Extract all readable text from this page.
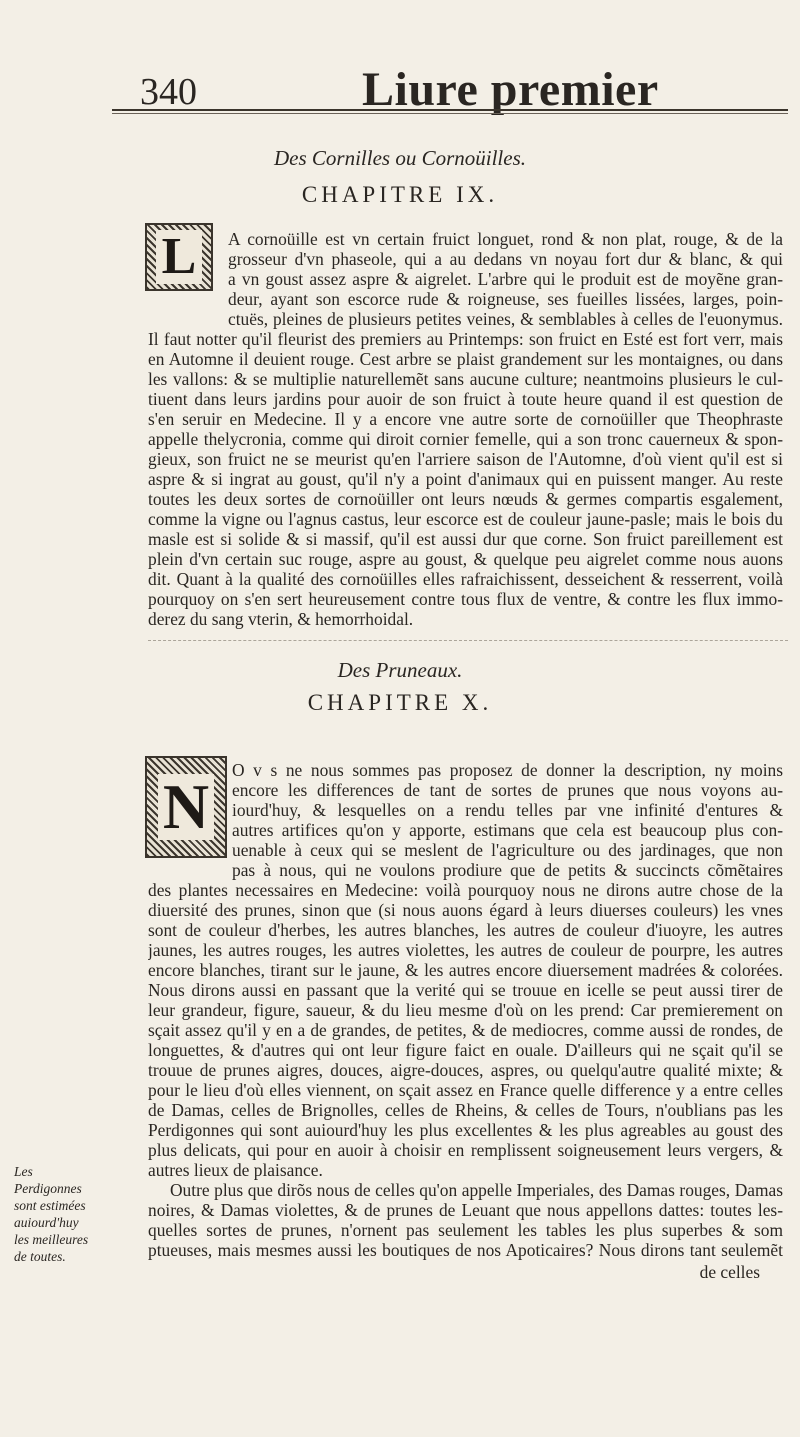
340	Liure premier
Des Cornilles ou Cornoüilles.
CHAPITRE IX.
L	A cornoüille est vn certain fruict longuet, rond & non plat, rouge, & de la
grosseur d'vn phaseole, qui a au dedans vn noyau fort dur & blanc, & qui
a vn goust assez aspre & aigrelet. L'arbre qui le produit est de moyẽne gran-
deur, ayant son escorce rude & roigneuse, ses fueilles lissées, larges, poin-
ctuës, pleines de plusieurs petites veines, & semblables à celles de l'euonymus.
Il faut notter qu'il fleurist des premiers au Printemps: son fruict en Esté est fort verr, mais
en Automne il deuient rouge. Cest arbre se plaist grandement sur les montaignes, ou dans
les vallons: & se multiplie naturellemẽt sans aucune culture; neantmoins plusieurs le cul-
tiuent dans leurs jardins pour auoir de son fruict à toute heure quand il est question de
s'en seruir en Medecine. Il y a encore vne autre sorte de cornoüiller que Theophraste
appelle thelycronia, comme qui diroit cornier femelle, qui a son tronc cauerneux & spon-
gieux, son fruict ne se meurist qu'en l'arriere saison de l'Automne, d'où vient qu'il est si
aspre & si ingrat au goust, qu'il n'y a point d'animaux qui en puissent manger. Au reste
toutes les deux sortes de cornoüiller ont leurs nœuds & germes compartis esgalement,
comme la vigne ou l'agnus castus, leur escorce est de couleur jaune-pasle; mais le bois du
masle est si solide & si massif, qu'il est aussi dur que corne. Son fruict pareillement est
plein d'vn certain suc rouge, aspre au goust, & quelque peu aigrelet comme nous auons
dit. Quant à la qualité des cornoüilles elles rafraichissent, desseichent & resserrent, voilà
pourquoy on s'en sert heureusement contre tous flux de ventre, & contre les flux immo-
derez du sang vterin, & hemorrhoidal.
Des Pruneaux.
CHAPITRE X.
N
O v s ne nous sommes pas proposez de donner la description, ny moins
encore les differences de tant de sortes de prunes que nous voyons au-
iourd'huy, & lesquelles on a rendu telles par vne infinité d'entures &
autres artifices qu'on y apporte, estimans que cela est beaucoup plus con-
uenable à ceux qui se meslent de l'agriculture ou des jardinages, que non
pas à nous, qui ne voulons prodiure que de petits & succincts cõmẽtaires
des plantes necessaires en Medecine: voilà pourquoy nous ne dirons autre chose de la
diuersité des prunes, sinon que (si nous auons égard à leurs diuerses couleurs) les vnes
sont de couleur d'herbes, les autres blanches, les autres de couleur d'iuoyre, les autres
jaunes, les autres rouges, les autres violettes, les autres de couleur de pourpre, les autres
encore blanches, tirant sur le jaune, & les autres encore diuersement madrées & colorées.
Nous dirons aussi en passant que la verité qui se trouue en icelle se peut aussi tirer de
leur grandeur, figure, saueur, & du lieu mesme d'où on les prend: Car premierement on
sçait assez qu'il y en a de grandes, de petites, & de mediocres, comme aussi de rondes, de
longuettes, & d'autres qui ont leur figure faict en ouale. D'ailleurs qui ne sçait qu'il se
trouue de prunes aigres, douces, aigre-douces, aspres, ou quelqu'autre qualité mixte; &
pour le lieu d'où elles viennent, on sçait assez en France quelle difference y a entre celles
de Damas, celles de Brignolles, celles de Rheins, & celles de Tours, n'oublians pas les
Perdigonnes qui sont auiourd'huy les plus excellentes & les plus agreables au goust des
plus delicats, qui pour en auoir à choisir en remplissent soigneusement leurs vergers, &
autres lieux de plaisance.
Outre plus que dirõs nous de celles qu'on appelle Imperiales, des Damas rouges, Damas
noires, & Damas violettes, & de prunes de Leuant que nous appellons dattes: toutes les-
quelles sortes de prunes, n'ornent pas seulement les tables les plus superbes & som
ptueuses, mais mesmes aussi les boutiques de nos Apoticaires? Nous dirons tant seulemẽt
de celles
Les Perdigonnes sont estimées auiourd'huy les meilleures de toutes.
